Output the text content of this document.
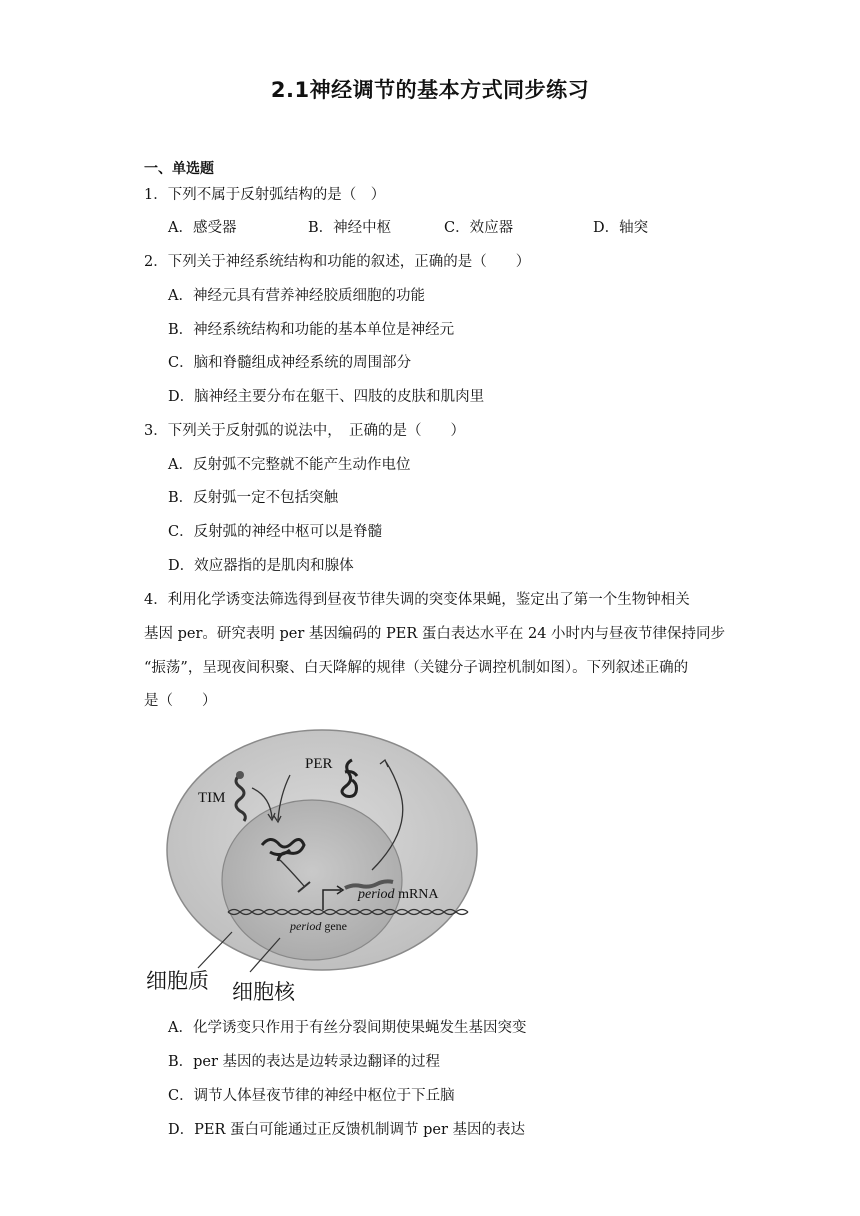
2.1神经调节的基本方式同步练习
一、单选题
1．下列不属于反射弧结构的是（　）
A．感受器	B．神经中枢	C．效应器	D．轴突
2．下列关于神经系统结构和功能的叙述，正确的是（　　）
A．神经元具有营养神经胶质细胞的功能
B．神经系统结构和功能的基本单位是神经元
C．脑和脊髓组成神经系统的周围部分
D．脑神经主要分布在躯干、四肢的皮肤和肌肉里
3．下列关于反射弧的说法中，　正确的是（　　）
A．反射弧不完整就不能产生动作电位
B．反射弧一定不包括突触
C．反射弧的神经中枢可以是脊髓
D．效应器指的是肌肉和腺体
4．利用化学诱变法筛选得到昼夜节律失调的突变体果蝇，鉴定出了第一个生物钟相关
基因 per。研究表明 per 基因编码的 PER 蛋白表达水平在 24 小时内与昼夜节律保持同步
“振荡”，呈现夜间积聚、白天降解的规律（关键分子调控机制如图）。下列叙述正确的
是（　　）
TIM
PER
period mRNA
period gene
细胞质 细胞核
A．化学诱变只作用于有丝分裂间期使果蝇发生基因突变
B．per 基因的表达是边转录边翻译的过程
C．调节人体昼夜节律的神经中枢位于下丘脑
D．PER 蛋白可能通过正反馈机制调节 per 基因的表达
